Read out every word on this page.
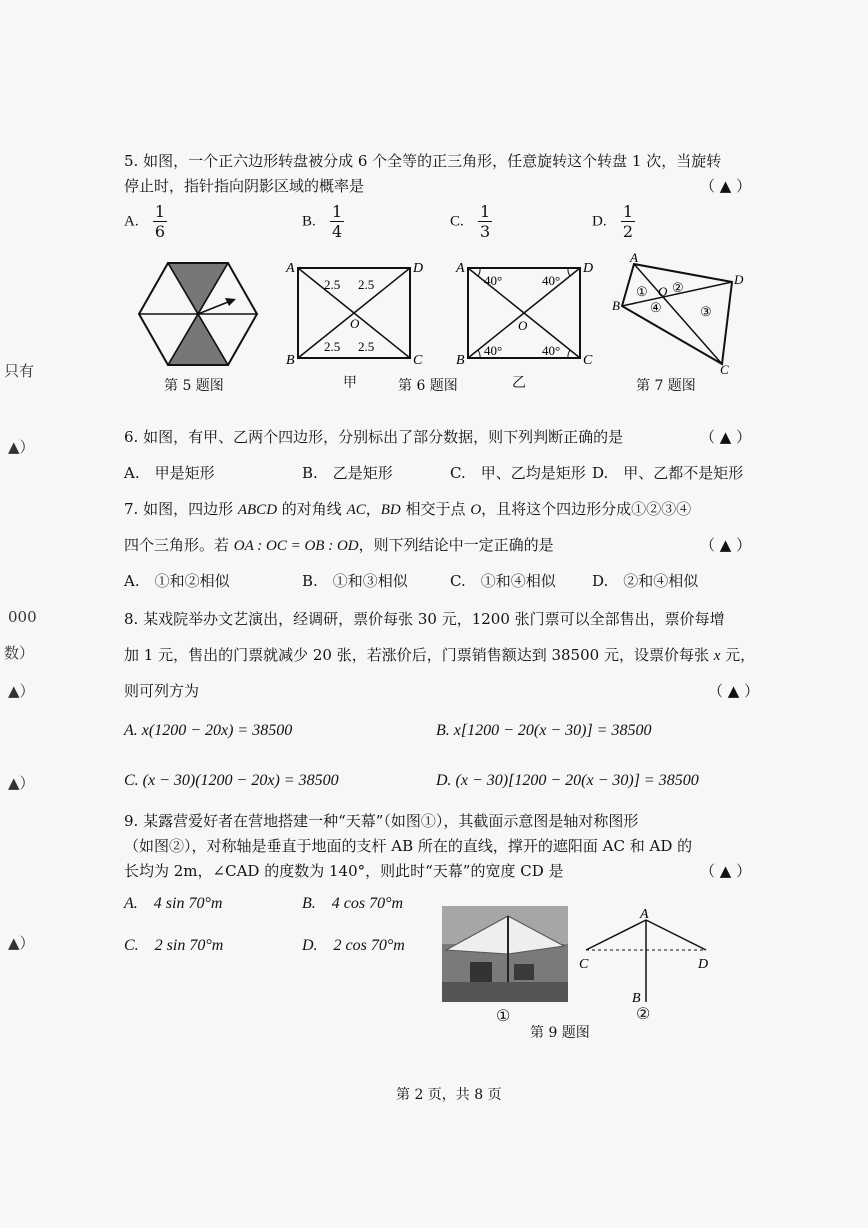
只有
▲）
000
数）
▲）
▲）
▲）
5. 如图，一个正六边形转盘被分成 6 个全等的正三角形，任意旋转这个转盘 1 次，当旋转
停止时，指针指向阴影区域的概率是	（ ▲ ）
A. $\frac{1}{6}$	B. $\frac{1}{4}$	C. $\frac{1}{3}$	D. $\frac{1}{2}$
第 5 题图
A
B	C
D
O
2.5 2.5
2.5 2.5
甲	第 6 题图
A
B	C
D
O
40°	40°
40°	40°
乙
A
B
C
D
O
① ②
③
④
第 7 题图
6. 如图，有甲、乙两个四边形，分别标出了部分数据，则下列判断正确的是	（ ▲ ）
A.　甲是矩形	B.　乙是矩形	C.　甲、乙均是矩形 D.　甲、乙都不是矩形
7. 如图，四边形 ABCD 的对角线 AC，BD 相交于点 O，且将这个四边形分成①②③④
四个三角形。若 OA : OC = OB : OD，则下列结论中一定正确的是	（ ▲ ）
A.　①和②相似	B.　①和③相似	C.　①和④相似 D.　②和④相似
8. 某戏院举办文艺演出，经调研，票价每张 30 元，1200 张门票可以全部售出，票价每增
加 1 元，售出的门票就减少 20 张，若涨价后，门票销售额达到 38500 元，设票价每张 x 元，
则可列方为	（ ▲ ）
A. x(1200 − 20x) = 38500	B. x[1200 − 20(x − 30)] = 38500
C. (x − 30)(1200 − 20x) = 38500	D. (x − 30)[1200 − 20(x − 30)] = 38500
9. 某露营爱好者在营地搭建一种“天幕”（如图①），其截面示意图是轴对称图形
（如图②），对称轴是垂直于地面的支杆 AB 所在的直线，撑开的遮阳面 AC 和 AD 的
长均为 2m，∠CAD 的度数为 140°，则此时“天幕”的宽度 CD 是	（ ▲ ）
A.　4 sin 70°m	B.　4 cos 70°m
C.　2 sin 70°m	D.　2 cos 70°m
①
A
B
C	D
②
第 9 题图
第 2 页，共 8 页
